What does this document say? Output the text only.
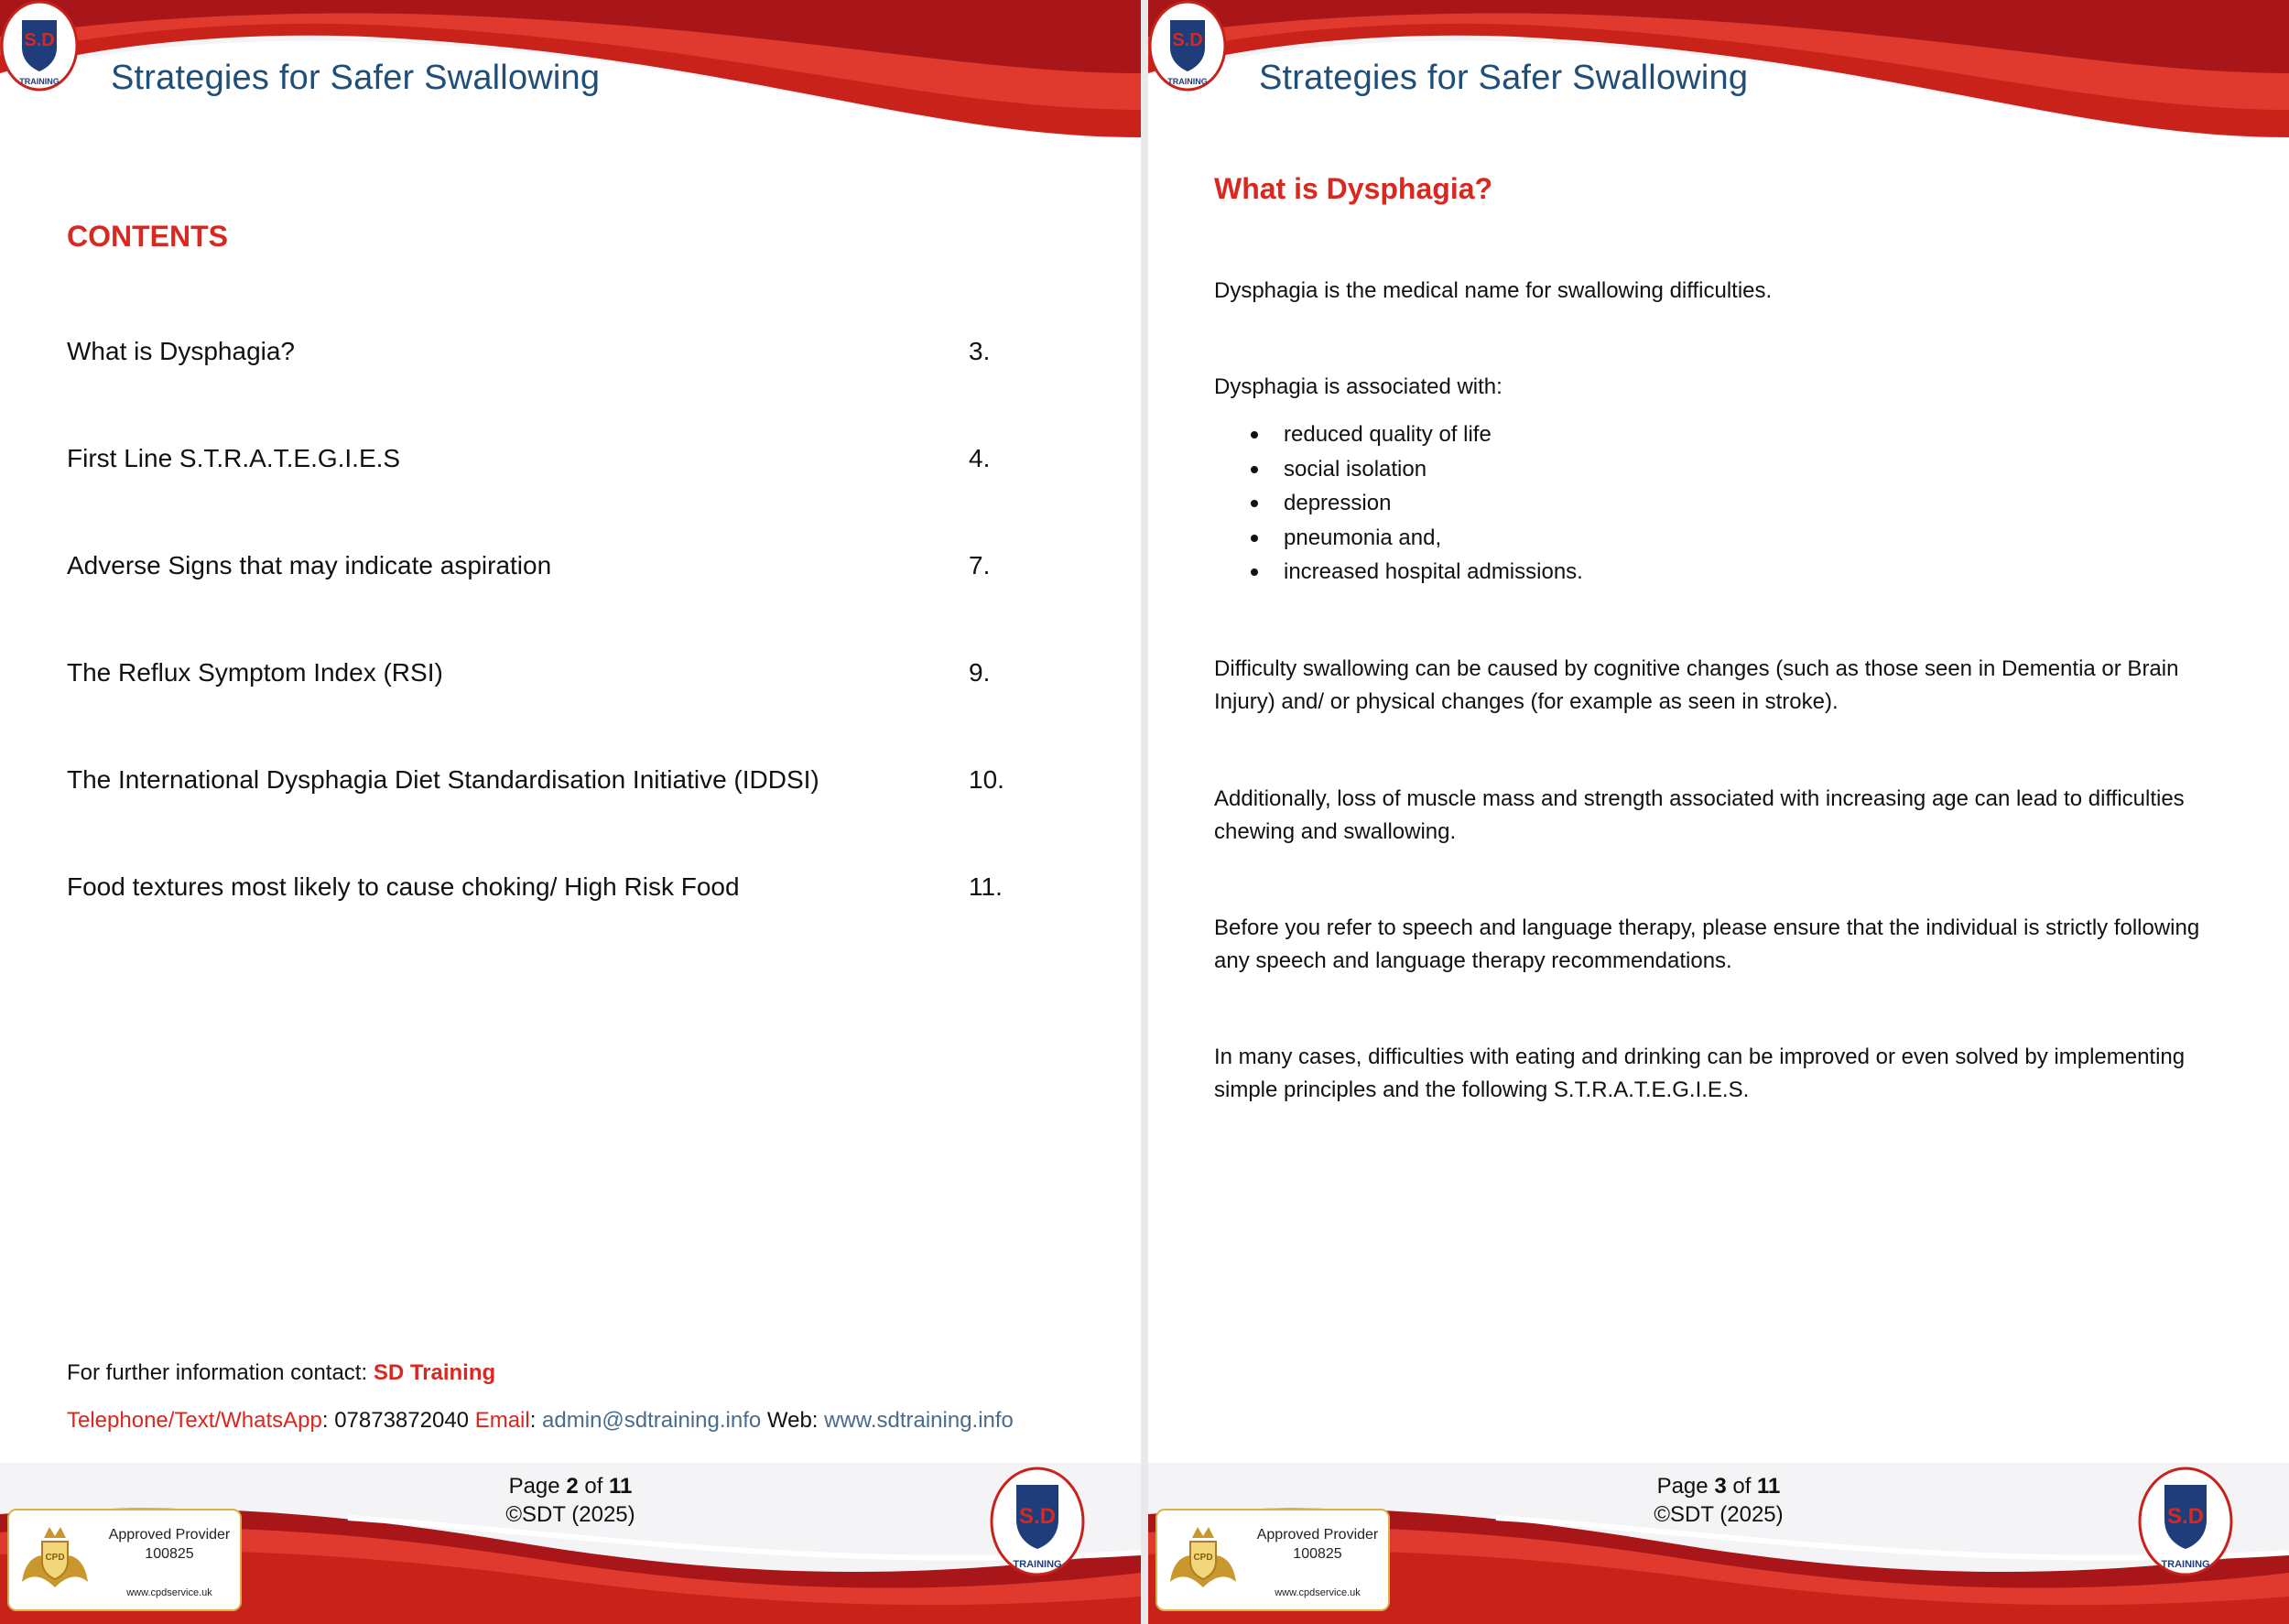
Strategies for Safer Swallowing
S.D
TRAINING
CONTENTS
What is Dysphagia?	3.
First Line S.T.R.A.T.E.G.I.E.S	4.
Adverse Signs that may indicate aspiration	7.
The Reflux Symptom Index (RSI)	9.
The International Dysphagia Diet Standardisation Initiative (IDDSI)	10.
Food textures most likely to cause choking/ High Risk Food	11.
For further information contact: SD Training
Telephone/Text/WhatsApp: 07873872040 Email: admin@sdtraining.info Web: www.sdtraining.info
Page 2 of 11
©SDT (2025)
CPD
Approved Provider
100825
www.cpdservice.uk
S.D
TRAINING
Strategies for Safer Swallowing
S.D
TRAINING
What is Dysphagia?
Dysphagia is the medical name for swallowing difficulties.
Dysphagia is associated with:
reduced quality of life
social isolation
depression
pneumonia and,
increased hospital admissions.
Difficulty swallowing can be caused by cognitive changes (such as those seen in Dementia or Brain Injury) and/ or physical changes (for example as seen in stroke).
Additionally, loss of muscle mass and strength associated with increasing age can lead to difficulties chewing and swallowing.
Before you refer to speech and language therapy, please ensure that the individual is strictly following any speech and language therapy recommendations.
In many cases, difficulties with eating and drinking can be improved or even solved by implementing simple principles and the following S.T.R.A.T.E.G.I.E.S.
Page 3 of 11
©SDT (2025)
CPD
Approved Provider
100825
www.cpdservice.uk
S.D
TRAINING
